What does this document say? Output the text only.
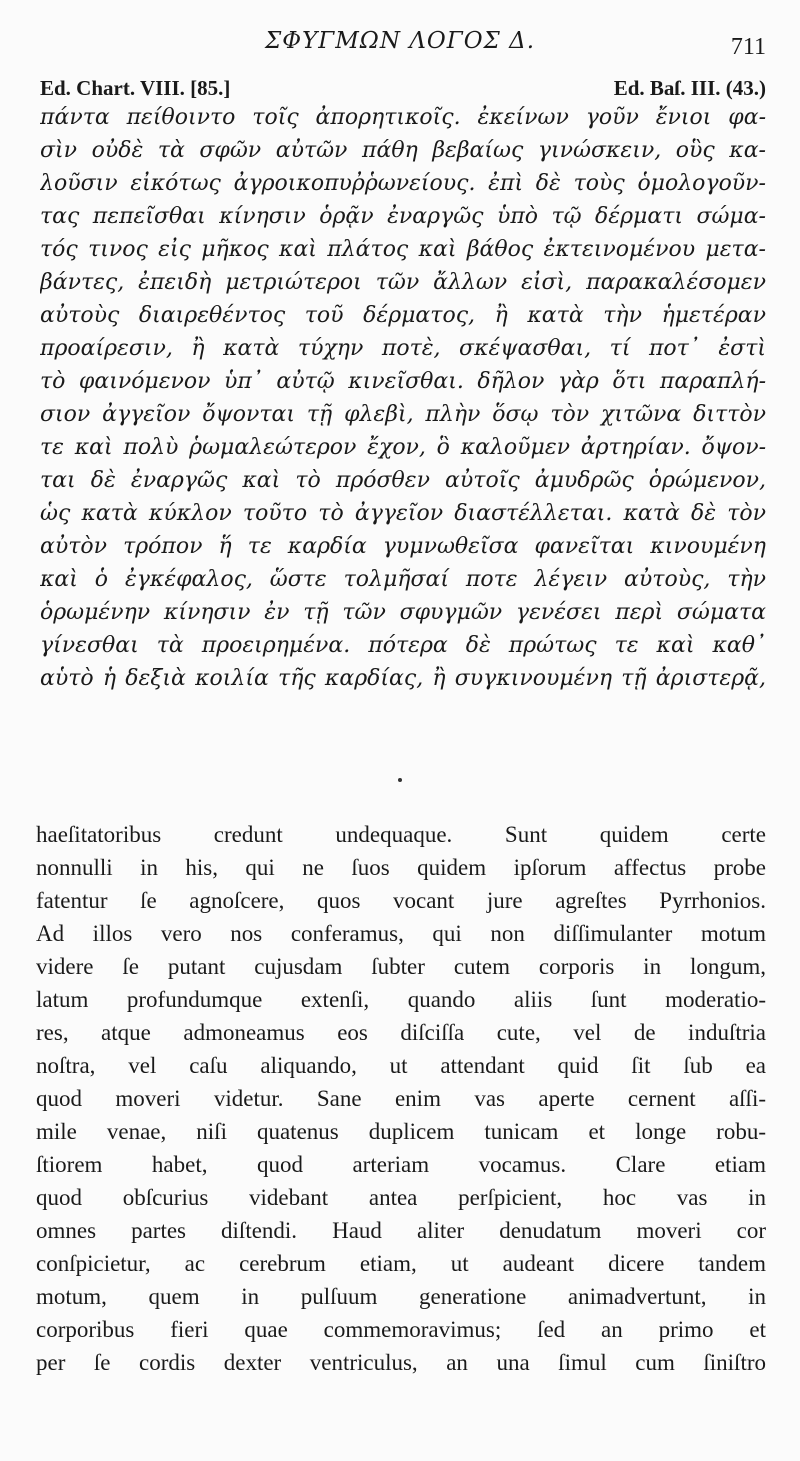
ΣΦΥΓΜΩΝ ΛΟΓΟΣ Δ.	711
Ed. Chart. VIII. [85.]	Ed. Baſ. III. (43.)
πάντα πείθοιντο τοῖς ἀπορητικοῖς. ἐκείνων γοῦν ἔνιοι φα-
σὶν οὐδὲ τὰ σφῶν αὐτῶν πάθη βεβαίως γινώσκειν, οὓς κα-
λοῦσιν εἰκότως ἀγροικοπυῤῥωνείους. ἐπὶ δὲ τοὺς ὁμολογοῦν-
τας πεπεῖσθαι κίνησιν ὁρᾷν ἐναργῶς ὑπὸ τῷ δέρματι σώμα-
τός τινος εἰς μῆκος καὶ πλάτος καὶ βάθος ἐκτεινομένου μετα-
βάντες, ἐπειδὴ μετριώτεροι τῶν ἄλλων εἰσὶ, παρακαλέσομεν
αὐτοὺς διαιρεθέντος τοῦ δέρματος, ἢ κατὰ τὴν ἡμετέραν
προαίρεσιν, ἢ κατὰ τύχην ποτὲ, σκέψασθαι, τί ποτ᾽ ἐστὶ
τὸ φαινόμενον ὑπ᾽ αὐτῷ κινεῖσθαι. δῆλον γὰρ ὅτι παραπλή-
σιον ἀγγεῖον ὄψονται τῇ φλεβὶ, πλὴν ὅσῳ τὸν χιτῶνα διττὸν
τε καὶ πολὺ ῥωμαλεώτερον ἔχον, ὃ καλοῦμεν ἀρτηρίαν. ὄψον-
ται δὲ ἐναργῶς καὶ τὸ πρόσθεν αὐτοῖς ἀμυδρῶς ὁρώμενον,
ὡς κατὰ κύκλον τοῦτο τὸ ἀγγεῖον διαστέλλεται. κατὰ δὲ τὸν
αὐτὸν τρόπον ἥ τε καρδία γυμνωθεῖσα φανεῖται κινουμένη
καὶ ὁ ἐγκέφαλος, ὥστε τολμῆσαί ποτε λέγειν αὐτοὺς, τὴν
ὁρωμένην κίνησιν ἐν τῇ τῶν σφυγμῶν γενέσει περὶ σώματα
γίνεσθαι τὰ προειρημένα. πότερα δὲ πρώτως τε καὶ καθ᾽
αὑτὸ ἡ δεξιὰ κοιλία τῆς καρδίας, ἢ συγκινουμένη τῇ ἀριστερᾷ,
haeſitatoribus credunt undequaque. Sunt quidem certe
nonnulli in his, qui ne ſuos quidem ipſorum affectus probe
fatentur ſe agnoſcere, quos vocant jure agreſtes Pyrrhonios.
Ad illos vero nos conferamus, qui non diſſimulanter motum
videre ſe putant cujusdam ſubter cutem corporis in longum,
latum profundumque extenſi, quando aliis ſunt moderatio-
res, atque admoneamus eos diſciſſa cute, vel de induſtria
noſtra, vel caſu aliquando, ut attendant quid ſit ſub ea
quod moveri videtur. Sane enim vas aperte cernent aſſi-
mile venae, niſi quatenus duplicem tunicam et longe robu-
ſtiorem habet, quod arteriam vocamus. Clare etiam
quod obſcurius videbant antea perſpicient, hoc vas in
omnes partes diſtendi. Haud aliter denudatum moveri cor
conſpicietur, ac cerebrum etiam, ut audeant dicere tandem
motum, quem in pulſuum generatione animadvertunt, in
corporibus fieri quae commemoravimus; ſed an primo et
per ſe cordis dexter ventriculus, an una ſimul cum ſiniſtro
